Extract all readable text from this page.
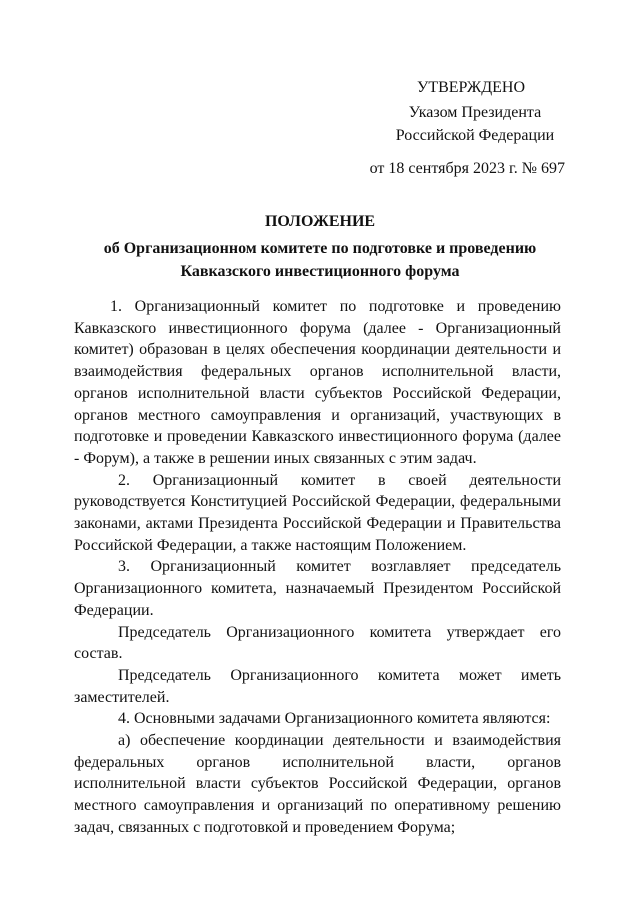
УТВЕРЖДЕНО
Указом Президента
Российской Федерации
от 18 сентября 2023 г. № 697
ПОЛОЖЕНИЕ
об Организационном комитете по подготовке и проведению
Кавказского инвестиционного форума

1. Организационный комитет по подготовке и проведению Кавказского инвестиционного форума (далее - Организационный комитет) образован в целях обеспечения координации деятельности и взаимодействия федеральных органов исполнительной власти, органов исполнительной власти субъектов Российской Федерации, органов местного самоуправления и организаций, участвующих в подготовке и проведении Кавказского инвестиционного форума (далее - Форум), а также в решении иных связанных с этим задач.

2. Организационный комитет в своей деятельности руководствуется Конституцией Российской Федерации, федеральными законами, актами Президента Российской Федерации и Правительства Российской Федерации, а также настоящим Положением.

3. Организационный комитет возглавляет председатель Организационного комитета, назначаемый Президентом Российской Федерации.

Председатель Организационного комитета утверждает его состав.

Председатель Организационного комитета может иметь заместителей.

4. Основными задачами Организационного комитета являются:

а) обеспечение координации деятельности и взаимодействия федеральных органов исполнительной власти, органов исполнительной власти субъектов Российской Федерации, органов местного самоуправления и организаций по оперативному решению задач, связанных с подготовкой и проведением Форума;
